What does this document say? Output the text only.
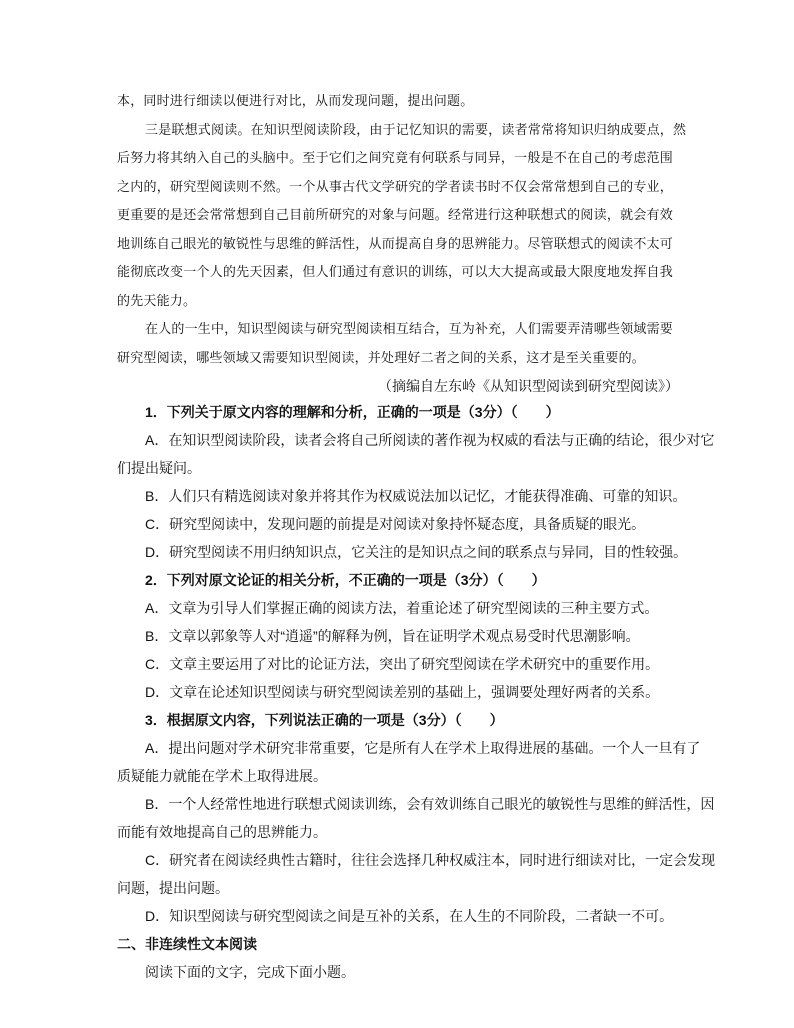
本，同时进行细读以便进行对比，从而发现问题，提出问题。
三是联想式阅读。在知识型阅读阶段，由于记忆知识的需要，读者常常将知识归纳成要点，然
后努力将其纳入自己的头脑中。至于它们之间究竟有何联系与同异，一般是不在自己的考虑范围
之内的，研究型阅读则不然。一个从事古代文学研究的学者读书时不仅会常常想到自己的专业，
更重要的是还会常常想到自己目前所研究的对象与问题。经常进行这种联想式的阅读，就会有效
地训练自己眼光的敏锐性与思维的鲜活性，从而提高自身的思辨能力。尽管联想式的阅读不太可
能彻底改变一个人的先天因素，但人们通过有意识的训练，可以大大提高或最大限度地发挥自我
的先天能力。
在人的一生中，知识型阅读与研究型阅读相互结合，互为补充，人们需要弄清哪些领域需要
研究型阅读，哪些领域又需要知识型阅读，并处理好二者之间的关系，这才是至关重要的。
（摘编自左东岭《从知识型阅读到研究型阅读》）
1．下列关于原文内容的理解和分析，正确的一项是（3分）（　　）
A．在知识型阅读阶段，读者会将自己所阅读的著作视为权威的看法与正确的结论，很少对它
们提出疑问。
B．人们只有精选阅读对象并将其作为权威说法加以记忆，才能获得准确、可靠的知识。
C．研究型阅读中，发现问题的前提是对阅读对象持怀疑态度，具备质疑的眼光。
D．研究型阅读不用归纳知识点，它关注的是知识点之间的联系点与异同，目的性较强。
2．下列对原文论证的相关分析，不正确的一项是（3分）（　　）
A．文章为引导人们掌握正确的阅读方法，着重论述了研究型阅读的三种主要方式。
B．文章以郭象等人对“逍遥”的解释为例，旨在证明学术观点易受时代思潮影响。
C．文章主要运用了对比的论证方法，突出了研究型阅读在学术研究中的重要作用。
D．文章在论述知识型阅读与研究型阅读差别的基础上，强调要处理好两者的关系。
3．根据原文内容，下列说法正确的一项是（3分）（　　）
A．提出问题对学术研究非常重要，它是所有人在学术上取得进展的基础。一个人一旦有了
质疑能力就能在学术上取得进展。
B．一个人经常性地进行联想式阅读训练，会有效训练自己眼光的敏锐性与思维的鲜活性，因
而能有效地提高自己的思辨能力。
C．研究者在阅读经典性古籍时，往往会选择几种权威注本，同时进行细读对比，一定会发现
问题，提出问题。
D．知识型阅读与研究型阅读之间是互补的关系，在人生的不同阶段，二者缺一不可。
二、非连续性文本阅读
阅读下面的文字，完成下面小题。
